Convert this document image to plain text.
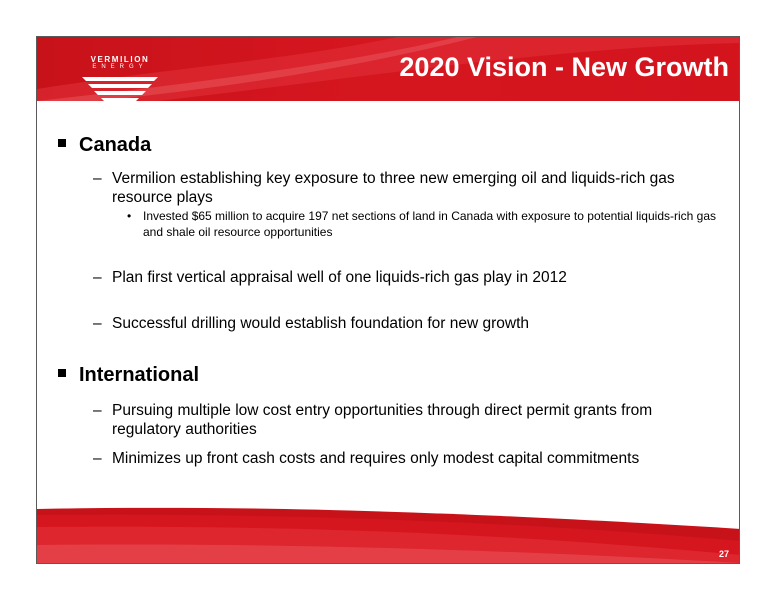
VERMILION
ENERGY	2020 Vision - New Growth
Canada
– Vermilion establishing key exposure to three new emerging oil and liquids-rich gas resource plays
• Invested $65 million to acquire 197 net sections of land in Canada with exposure to potential liquids-rich gas and shale oil resource opportunities
– Plan first vertical appraisal well of one liquids-rich gas play in 2012
– Successful drilling would establish foundation for new growth
International
– Pursuing multiple low cost entry opportunities through direct permit grants from regulatory authorities
– Minimizes up front cash costs and requires only modest capital commitments
27
